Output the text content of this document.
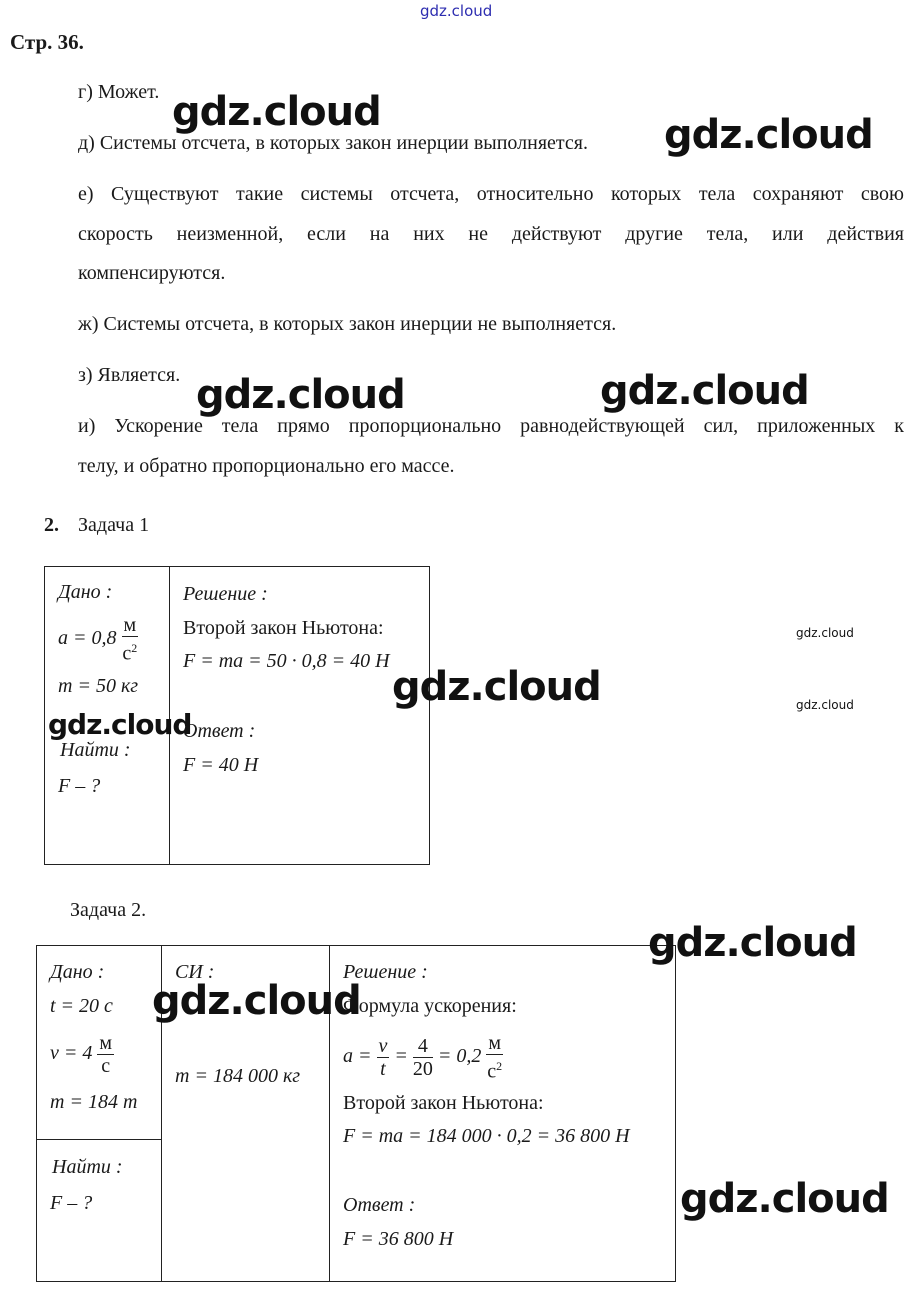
gdz.cloud
Стр. 36.
г) Может.
д) Системы отсчета, в которых закон инерции выполняется.
е) Существуют такие системы отсчета, относительно которых тела сохраняют свою
скорость неизменной, если на них не действуют другие тела, или действия
компенсируются.
ж) Системы отсчета, в которых закон инерции не выполняется.
з) Является.
и) Ускорение тела прямо пропорционально равнодействующей сил, приложенных к
телу, и обратно пропорционально его массе.
2. Задача 1
Дано :
$a = 0,8 \frac{м}{с^2}$
m = 50 кг
Найти :
F – ?
Решение :
Второй закон Ньютона:
F = ma = 50 · 0,8 = 40 Н
Ответ :
F = 40 Н
Задача 2.
Дано :
t = 20 с
$v = 4 \frac{м}{с}$
m = 184 т
Найти :
F – ?
СИ :
m = 184 000 кг
Решение :
Формула ускорения:
$a = \frac{v}{t} = \frac{4}{20} = 0,2 \frac{м}{с^2}$
Второй закон Ньютона:
F = ma = 184 000 · 0,2 = 36 800 Н
Ответ :
F = 36 800 Н
gdz.cloud	gdz.cloud
gdz.cloud	gdz.cloud
gdz.cloud
gdz.cloud
gdz.cloud
gdz.cloud
gdz.cloud
gdz.cloud
gdz.cloud
